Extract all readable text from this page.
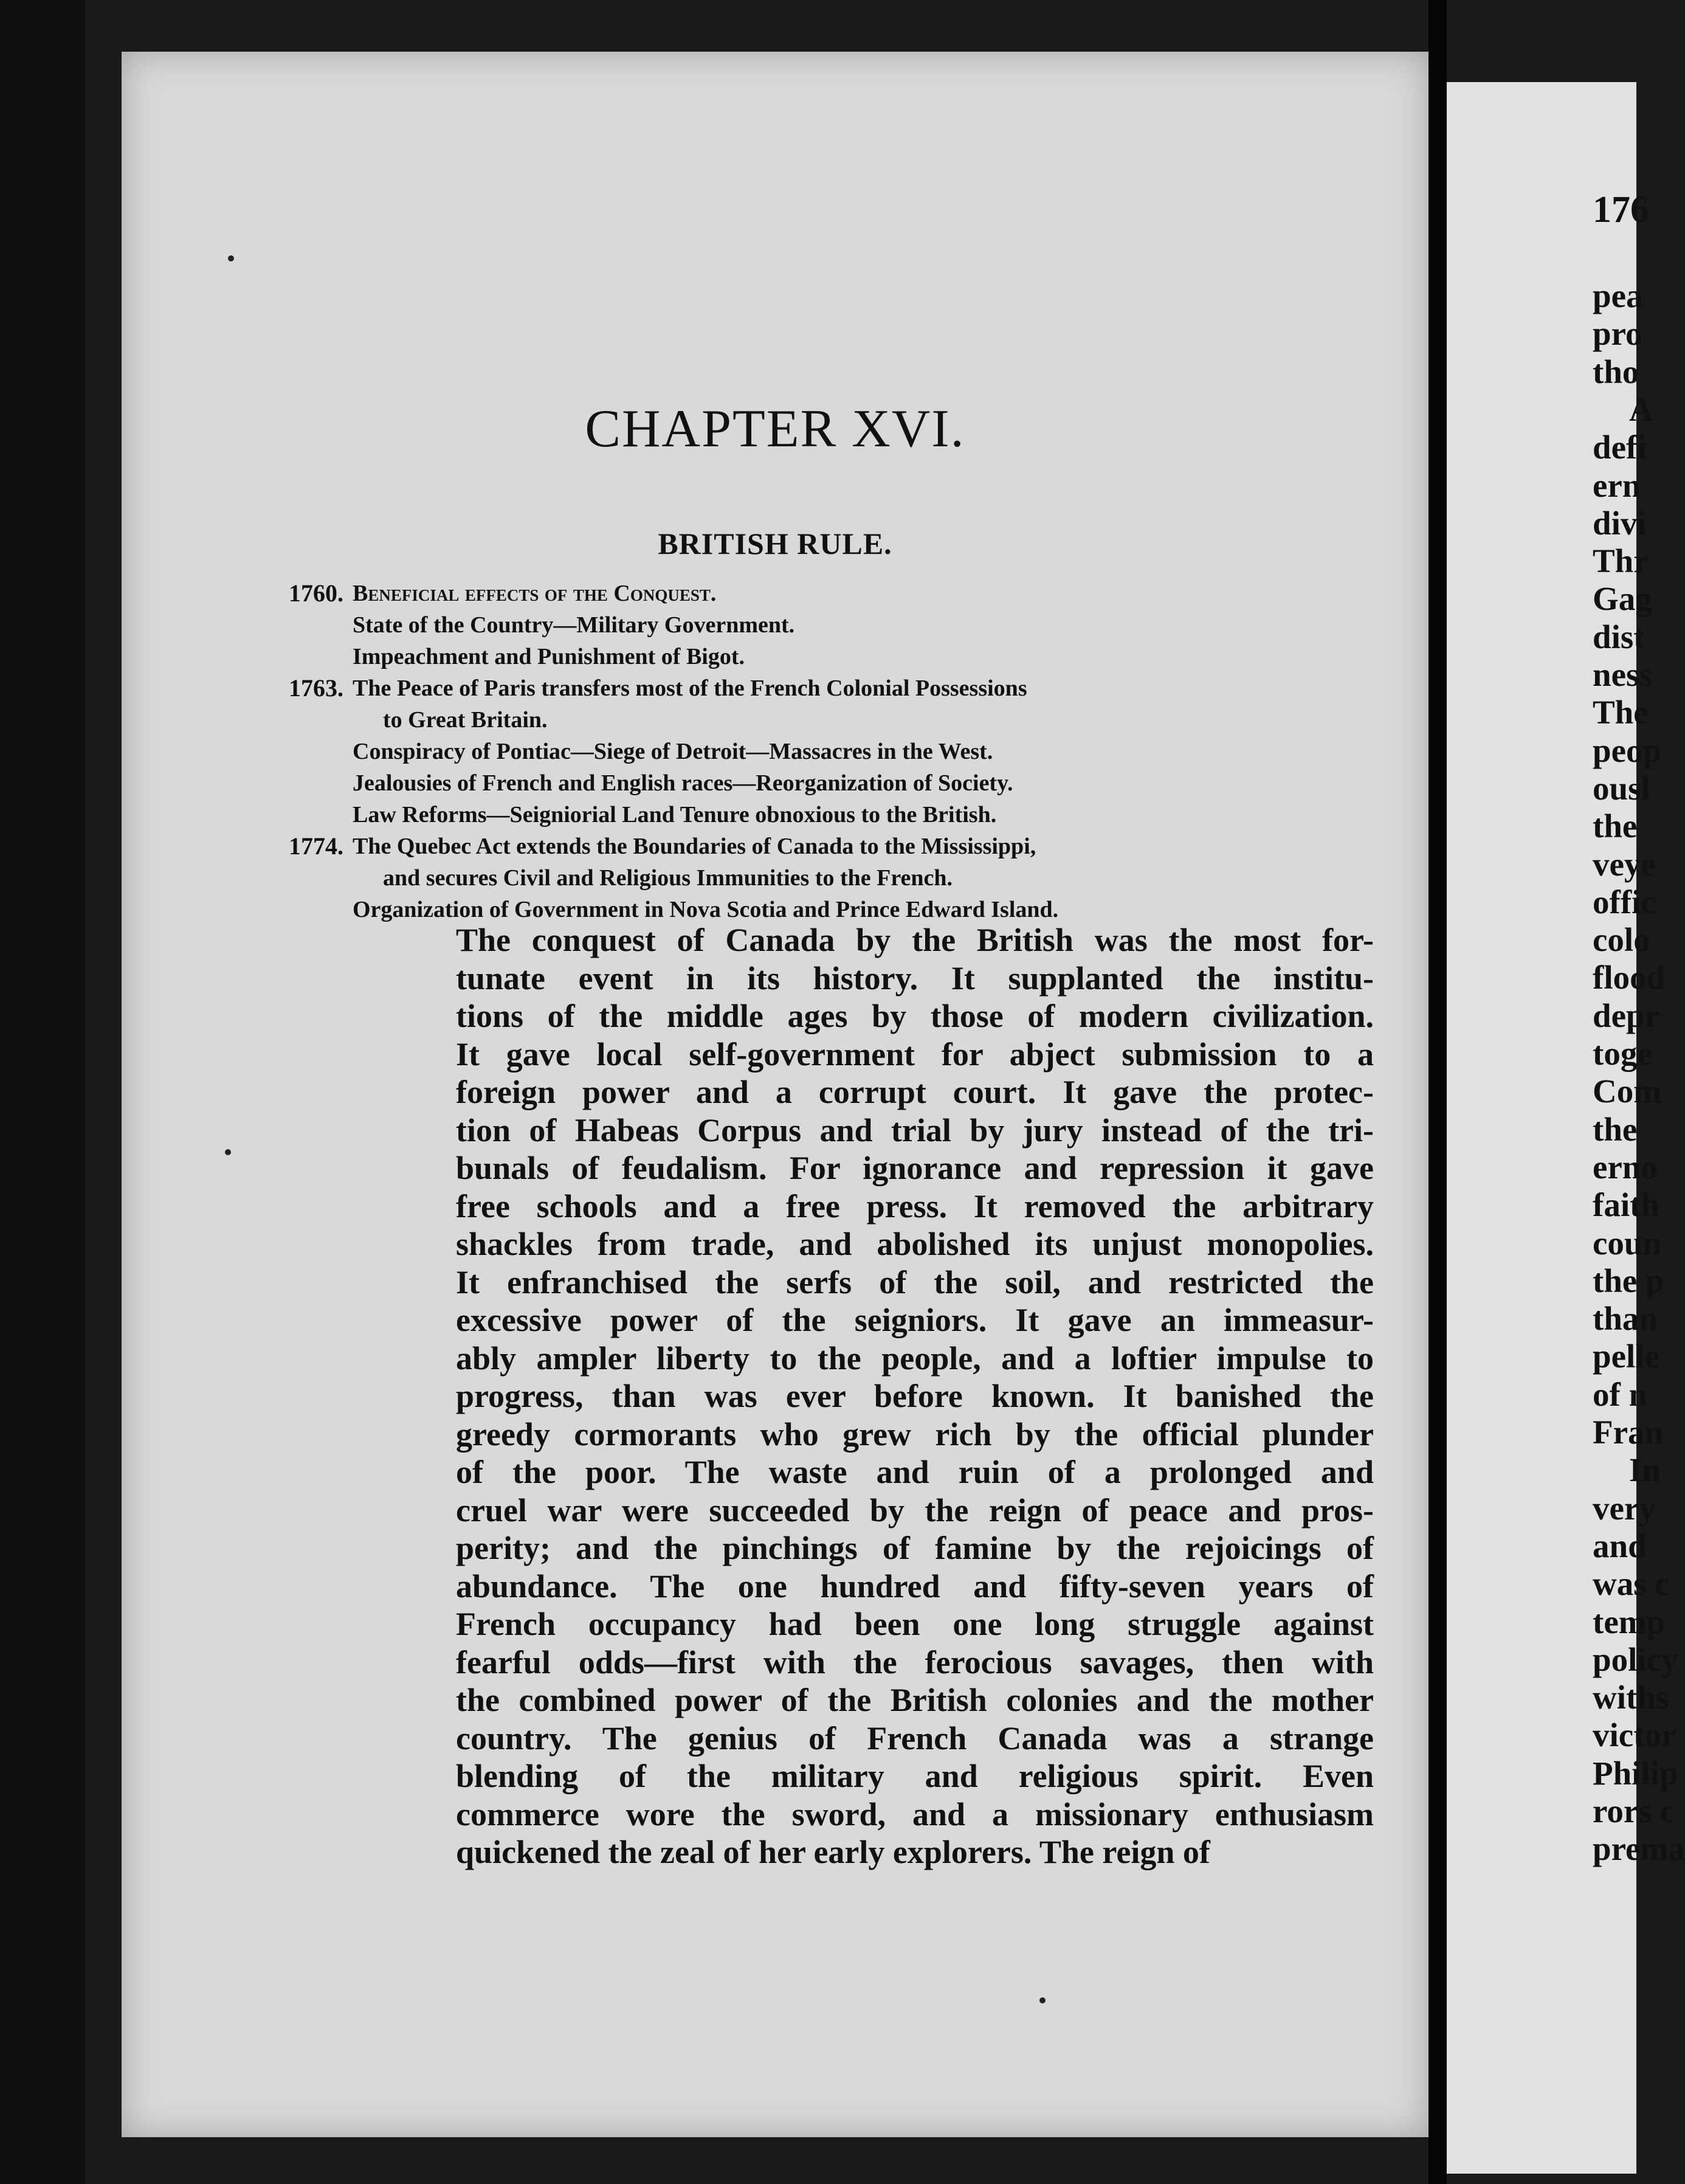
CHAPTER XVI.
BRITISH RULE.
1760. Beneficial effects of the Conquest.
State of the Country—Military Government.
Impeachment and Punishment of Bigot.
1763. The Peace of Paris transfers most of the French Colonial Possessions
to Great Britain.
Conspiracy of Pontiac—Siege of Detroit—Massacres in the West.
Jealousies of French and English races—Reorganization of Society.
Law Reforms—Seigniorial Land Tenure obnoxious to the British.
1774. The Quebec Act extends the Boundaries of Canada to the Mississippi,
and secures Civil and Religious Immunities to the French.
Organization of Government in Nova Scotia and Prince Edward Island.
The conquest of Canada by the British was the most for-
tunate event in its history. It supplanted the institu-
tions of the middle ages by those of modern civilization.
It gave local self-government for abject submission to a
foreign power and a corrupt court. It gave the protec-
tion of Habeas Corpus and trial by jury instead of the tri-
bunals of feudalism. For ignorance and repression it gave
free schools and a free press. It removed the arbitrary
shackles from trade, and abolished its unjust monopolies.
It enfranchised the serfs of the soil, and restricted the
excessive power of the seigniors. It gave an immeasur-
ably ampler liberty to the people, and a loftier impulse to
progress, than was ever before known. It banished the
greedy cormorants who grew rich by the official plunder
of the poor. The waste and ruin of a prolonged and
cruel war were succeeded by the reign of peace and pros-
perity; and the pinchings of famine by the rejoicings of
abundance. The one hundred and fifty-seven years of
French occupancy had been one long struggle against
fearful odds—first with the ferocious savages, then with
the combined power of the British colonies and the mother
country. The genius of French Canada was a strange
blending of the military and religious spirit. Even
commerce wore the sword, and a missionary enthusiasm
quickened the zeal of her early explorers. The reign of
176
pea
pro
tho
A
defi
ern
divi
Thr
Gag
dist
ness
The
peop
ousl
the
veye
offic
colo
flood
depr
toge
Com
the
erno
faith
coun
the p
than
pelle
of n
Fran
In
very
and
was c
temp
policy
withs
victor
Philip
rors c
prema
